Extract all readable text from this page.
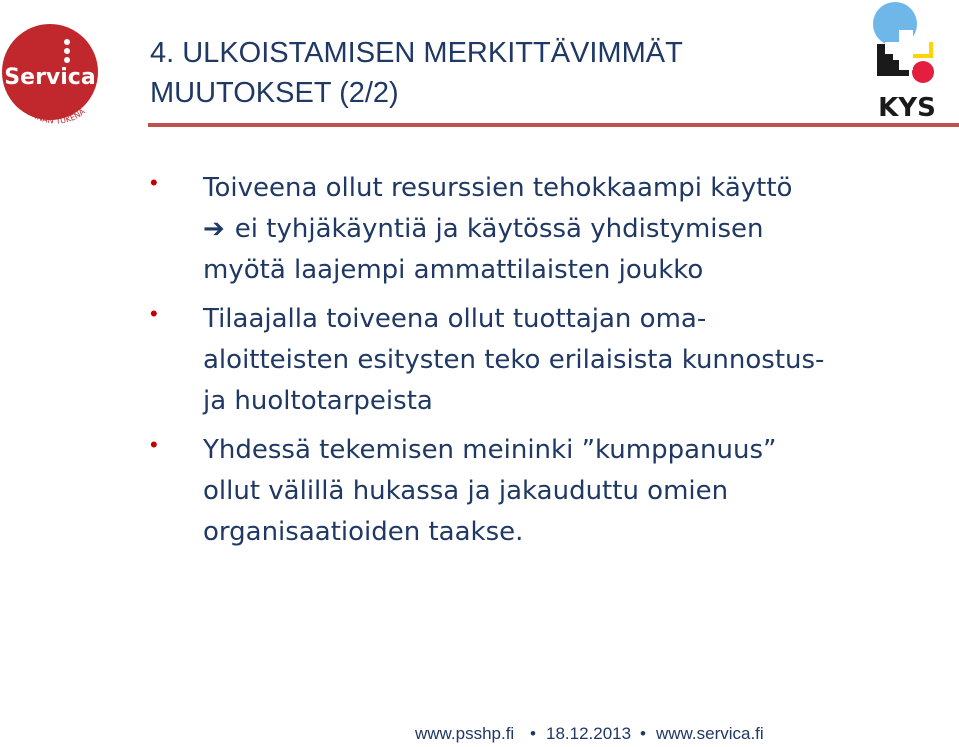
Servica
TOIMINNAN TUKENA	KYS
4. ULKOISTAMISEN MERKITTÄVIMMÄT
MUUTOKSET (2/2)
• Toiveena ollut resurssien tehokkaampi käyttö
➔ ei tyhjäkäyntiä ja käytössä yhdistymisen
myötä laajempi ammattilaisten joukko
• Tilaajalla toiveena ollut tuottajan oma-
aloitteisten esitysten teko erilaisista kunnostus-
ja huoltotarpeista
• Yhdessä tekemisen meininki ”kumppanuus”
ollut välillä hukassa ja jakauduttu omien
organisaatioiden taakse.
www.psshp.fi • 18.12.2013 • www.servica.fi
